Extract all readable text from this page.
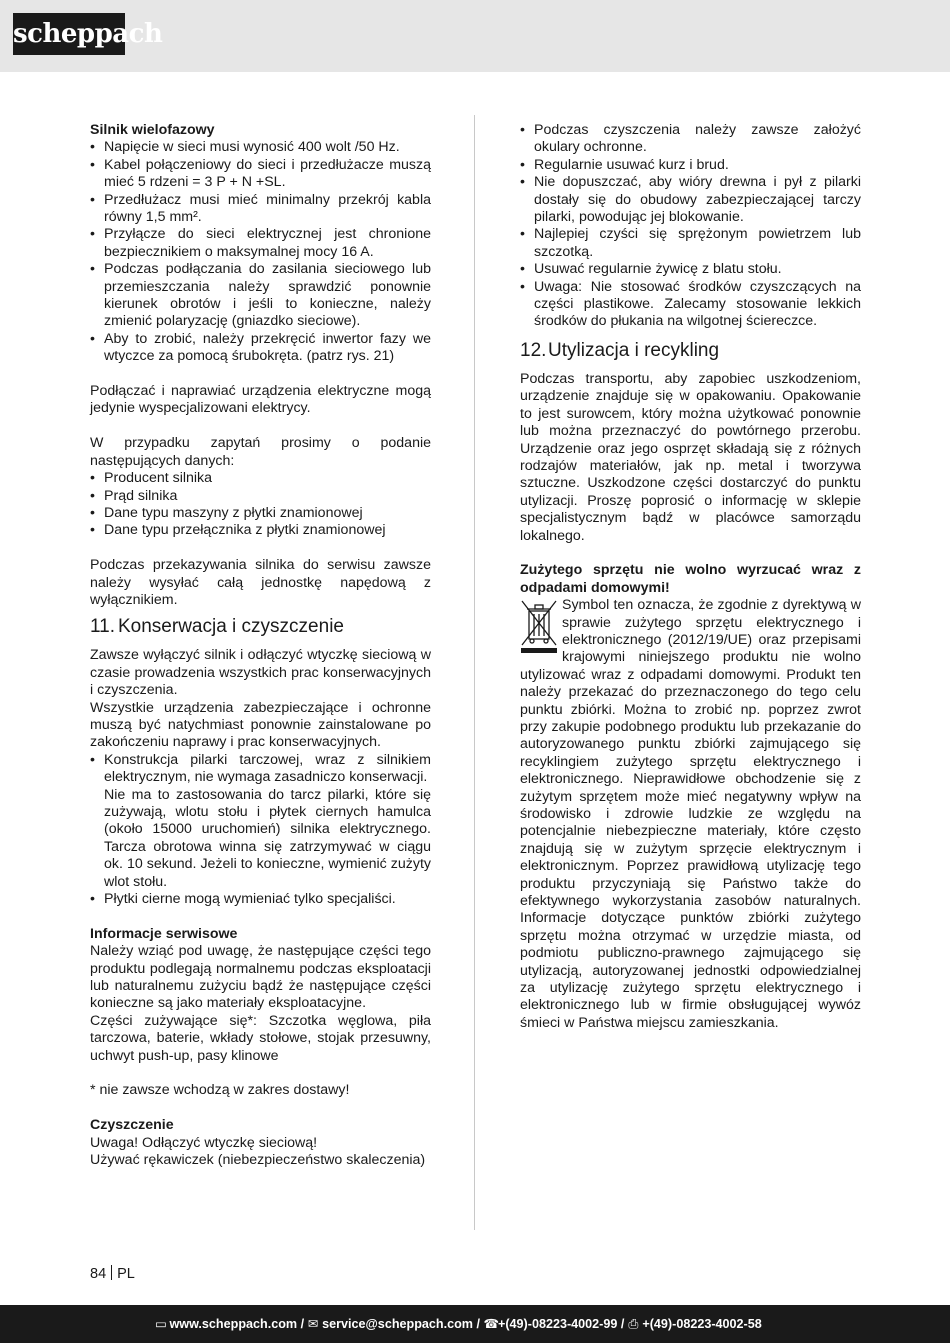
scheppach

Silnik wielofazowy

• Napięcie w sieci musi wynosić 400 wolt /50 Hz.
• Kabel połączeniowy do sieci i przedłużacze muszą mieć 5 rdzeni = 3 P + N +SL.
• Przedłużacz musi mieć minimalny przekrój kabla równy 1,5 mm².
• Przyłącze do sieci elektrycznej jest chronione bezpiecznikiem o maksymalnej mocy 16 A.
• Podczas podłączania do zasilania sieciowego lub przemieszczania należy sprawdzić ponownie kierunek obrotów i jeśli to konieczne, należy zmienić polaryzację (gniazdko sieciowe).
• Aby to zrobić, należy przekręcić inwertor fazy we wtyczce za pomocą śrubokręta. (patrz rys. 21)

Podłączać i naprawiać urządzenia elektryczne mogą jedynie wyspecjalizowani elektrycy.

W przypadku zapytań prosimy o podanie następujących danych:

• Producent silnika
• Prąd silnika
• Dane typu maszyny z płytki znamionowej
• Dane typu przełącznika z płytki znamionowej

Podczas przekazywania silnika do serwisu zawsze należy wysyłać całą jednostkę napędową z wyłącznikiem.

11. Konserwacja i czyszczenie

Zawsze wyłączyć silnik i odłączyć wtyczkę sieciową w czasie prowadzenia wszystkich prac konserwacyjnych i czyszczenia.

Wszystkie urządzenia zabezpieczające i ochronne muszą być natychmiast ponownie zainstalowane po zakończeniu naprawy i prac konserwacyjnych.

• Konstrukcja pilarki tarczowej, wraz z silnikiem elektrycznym, nie wymaga zasadniczo konserwacji.
Nie ma to zastosowania do tarcz pilarki, które się zużywają, wlotu stołu i płytek ciernych hamulca (około 15000 uruchomień) silnika elektrycznego. Tarcza obrotowa winna się zatrzymywać w ciągu ok. 10 sekund. Jeżeli to konieczne, wymienić zużyty wlot stołu.
• Płytki cierne mogą wymieniać tylko specjaliści.

Informacje serwisowe

Należy wziąć pod uwagę, że następujące części tego produktu podlegają normalnemu podczas eksploatacji lub naturalnemu zużyciu bądź że następujące części konieczne są jako materiały eksploatacyjne.

Części zużywające się*: Szczotka węglowa, piła tarczowa, baterie, wkłady stołowe, stojak przesuwny, uchwyt push-up, pasy klinowe

* nie zawsze wchodzą w zakres dostawy!

Czyszczenie

Uwaga! Odłączyć wtyczkę sieciową!

Używać rękawiczek (niebezpieczeństwo skaleczenia)

• Podczas czyszczenia należy zawsze założyć okulary ochronne.
• Regularnie usuwać kurz i brud.
• Nie dopuszczać, aby wióry drewna i pył z pilarki dostały się do obudowy zabezpieczającej tarczy pilarki, powodując jej blokowanie.
• Najlepiej czyści się sprężonym powietrzem lub szczotką.
• Usuwać regularnie żywicę z blatu stołu.
• Uwaga: Nie stosować środków czyszczących na części plastikowe. Zalecamy stosowanie lekkich środków do płukania na wilgotnej ściereczce.
12.Utylizacja i recykling

Podczas transportu, aby zapobiec uszkodzeniom, urządzenie znajduje się w opakowaniu. Opakowanie to jest surowcem, który można użytkować ponownie lub można przeznaczyć do powtórnego przerobu. Urządzenie oraz jego osprzęt składają się z różnych rodzajów materiałów, jak np. metal i tworzywa sztuczne. Uszkodzone części dostarczyć do punktu utylizacji. Proszę poprosić o informację w sklepie specjalistycznym bądź w placówce samorządu lokalnego.

Zużytego sprzętu nie wolno wyrzucać wraz z odpadami domowymi!

Symbol ten oznacza, że zgodnie z dyrektywą w sprawie zużytego sprzętu elektrycznego i elektronicznego (2012/19/UE) oraz przepisami krajowymi niniejszego produktu nie wolno utylizować wraz z odpadami domowymi. Produkt ten należy przekazać do przeznaczonego do tego celu punktu zbiórki. Można to zrobić np. poprzez zwrot przy zakupie podobnego produktu lub przekazanie do autoryzowanego punktu zbiórki zajmującego się recyklingiem zużytego sprzętu elektrycznego i elektronicznego. Nieprawidłowe obchodzenie się z zużytym sprzętem może mieć negatywny wpływ na środowisko i zdrowie ludzkie ze względu na potencjalnie niebezpieczne materiały, które często znajdują się w zużytym sprzęcie elektrycznym i elektronicznym. Poprzez prawidłową utylizację tego produktu przyczyniają się Państwo także do efektywnego wykorzystania zasobów naturalnych. Informacje dotyczące punktów zbiórki zużytego sprzętu można otrzymać w urzędzie miasta, od podmiotu publiczno-prawnego zajmującego się utylizacją, autoryzowanej jednostki odpowiedzialnej za utylizację zużytego sprzętu elektrycznego i elektronicznego lub w firmie obsługującej wywóz śmieci w Państwa miejscu zamieszkania.

84 PL
▭ www.scheppach.com / ✉ service@scheppach.com / ☎ +(49)-08223-4002-99 / ⎙ +(49)-08223-4002-58
